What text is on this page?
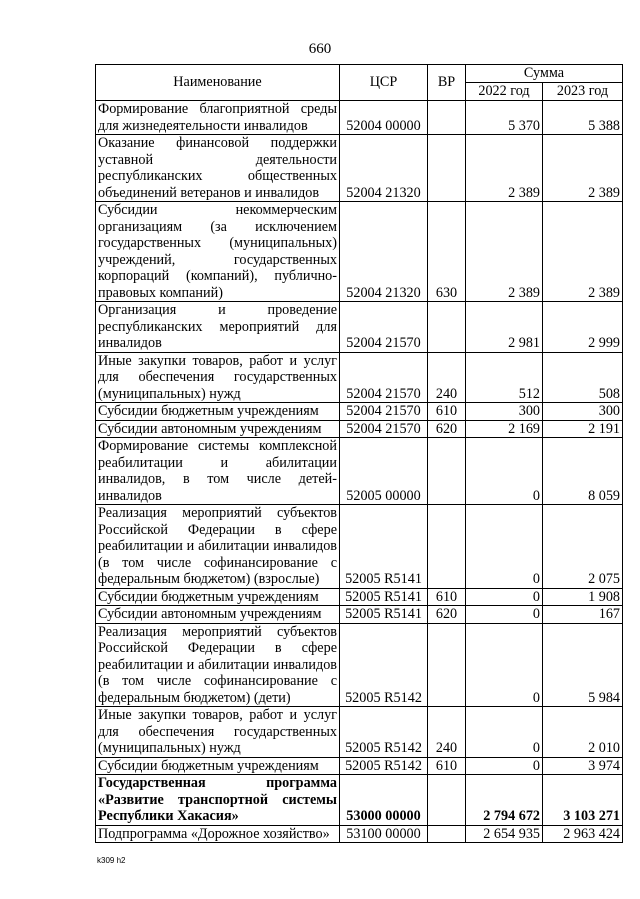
660
Наименование	ЦСР	ВР	Сумма	
			2022 год	2023 год
Формирование благоприятной среды для жизнедеятельности инвалидов	52004 00000		5 370	5 388
Оказание финансовой поддержки уставной деятельности республиканских общественных объединений ветеранов и инвалидов	52004 21320		2 389	2 389
Субсидии некоммерческим организациям (за исключением государственных (муниципальных) учреждений, государственных корпораций (компаний), публично-правовых компаний)	52004 21320	630	2 389	2 389
Организация и проведение республиканских мероприятий для инвалидов	52004 21570		2 981	2 999
Иные закупки товаров, работ и услуг для обеспечения государственных (муниципальных) нужд	52004 21570	240	512	508
Субсидии бюджетным учреждениям	52004 21570	610	300	300
Субсидии автономным учреждениям	52004 21570	620	2 169	2 191
Формирование системы комплексной реабилитации и абилитации инвалидов, в том числе детей-инвалидов	52005 00000		0	8 059
Реализация мероприятий субъектов Российской Федерации в сфере реабилитации и абилитации инвалидов (в том числе софинансирование с федеральным бюджетом) (взрослые)	52005 R5141		0	2 075
Субсидии бюджетным учреждениям	52005 R5141	610	0	1 908
Субсидии автономным учреждениям	52005 R5141	620	0	167
Реализация мероприятий субъектов Российской Федерации в сфере реабилитации и абилитации инвалидов (в том числе софинансирование с федеральным бюджетом) (дети)	52005 R5142		0	5 984
Иные закупки товаров, работ и услуг для обеспечения государственных (муниципальных) нужд	52005 R5142	240	0	2 010
Субсидии бюджетным учреждениям	52005 R5142	610	0	3 974
Государственная программа «Развитие транспортной системы Республики Хакасия»	53000 00000		2 794 672	3 103 271
Подпрограмма «Дорожное хозяйство»	53100 00000		2 654 935	2 963 424
k309 h2
